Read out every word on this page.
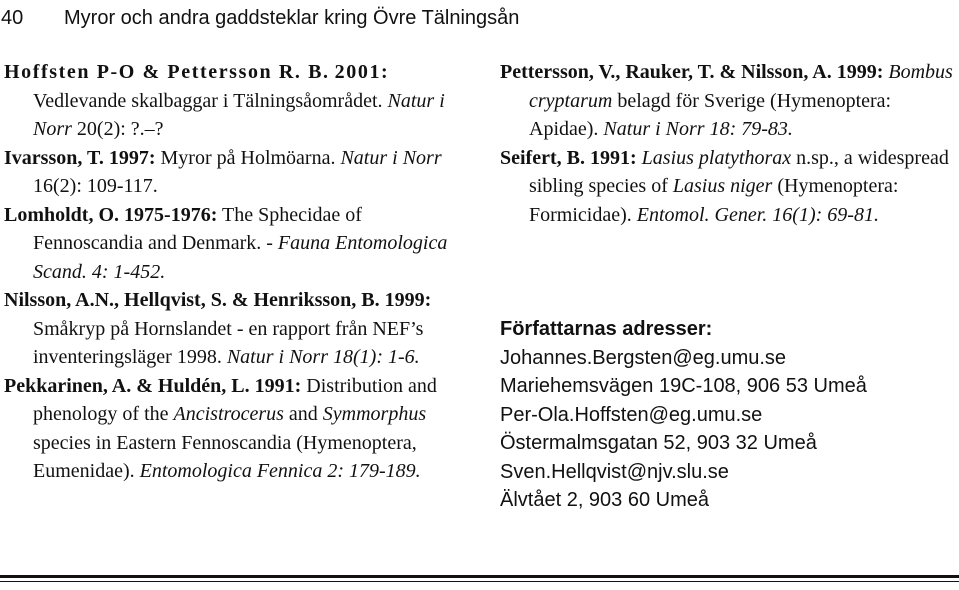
40 Myror och andra gaddsteklar kring Övre Tälningsån

Hoffsten P-O & Pettersson R. B. 2001: Vedlevande skalbaggar i Tälningsåområdet. Natur i Norr 20(2): ?.–?

Ivarsson, T. 1997: Myror på Holmöarna. Natur i Norr 16(2): 109-117.

Lomholdt, O. 1975-1976: The Sphecidae of Fennoscandia and Denmark. - Fauna Entomologica Scand. 4: 1-452.

Nilsson, A.N., Hellqvist, S. & Henriksson, B. 1999: Småkryp på Hornslandet - en rapport från NEF’s inventeringsläger 1998. Natur i Norr 18(1): 1-6.

Pekkarinen, A. & Huldén, L. 1991: Distribution and phenology of the Ancistrocerus and Symmorphus species in Eastern Fennoscandia (Hymenoptera, Eumenidae). Entomologica Fennica 2: 179-189.

Pettersson, V., Rauker, T. & Nilsson, A. 1999: Bombus cryptarum belagd för Sverige (Hymenoptera: Apidae). Natur i Norr 18: 79-83.

Seifert, B. 1991: Lasius platythorax n.sp., a widespread sibling species of Lasius niger (Hymenoptera: Formicidae). Entomol. Gener. 16(1): 69-81.

Författarnas adresser:

Johannes.Bergsten@eg.umu.se

Mariehemsvägen 19C-108, 906 53 Umeå

Per-Ola.Hoffsten@eg.umu.se

Östermalmsgatan 52, 903 32 Umeå

Sven.Hellqvist@njv.slu.se

Älvtået 2, 903 60 Umeå
